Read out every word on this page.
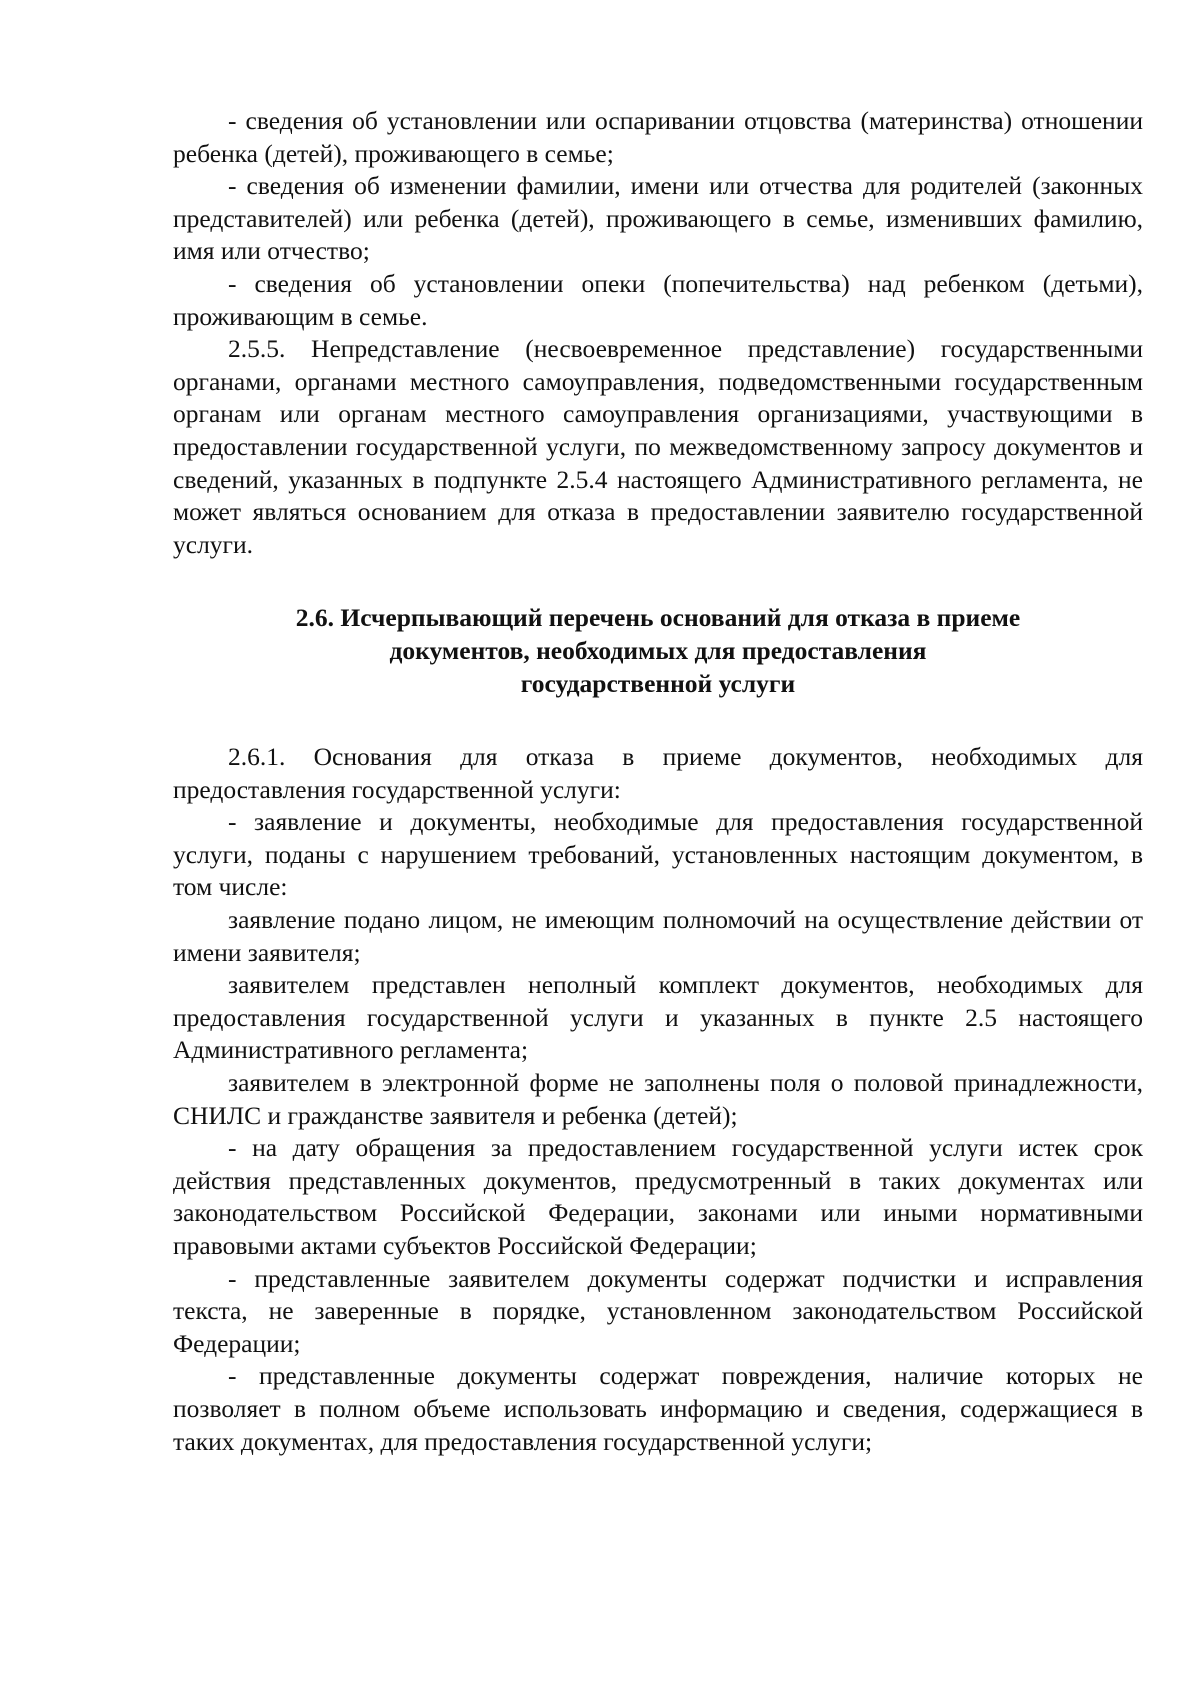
- сведения об установлении или оспаривании отцовства (материнства) отношении ребенка (детей), проживающего в семье;

- сведения об изменении фамилии, имени или отчества для родителей (законных представителей) или ребенка (детей), проживающего в семье, изменивших фамилию, имя или отчество;

- сведения об установлении опеки (попечительства) над ребенком (детьми), проживающим в семье.

2.5.5. Непредставление (несвоевременное представление) государственными органами, органами местного самоуправления, подведомственными государственным органам или органам местного самоуправления организациями, участвующими в предоставлении государственной услуги, по межведомственному запросу документов и сведений, указанных в подпункте 2.5.4 настоящего Административного регламента, не может являться основанием для отказа в предоставлении заявителю государственной услуги.

2.6. Исчерпывающий перечень оснований для отказа в приеме
документов, необходимых для предоставления
государственной услуги

2.6.1. Основания для отказа в приеме документов, необходимых для предоставления государственной услуги:

- заявление и документы, необходимые для предоставления государственной услуги, поданы с нарушением требований, установленных настоящим документом, в том числе:

заявление подано лицом, не имеющим полномочий на осуществление действии от имени заявителя;

заявителем представлен неполный комплект документов, необходимых для предоставления государственной услуги и указанных в пункте 2.5 настоящего Административного регламента;

заявителем в электронной форме не заполнены поля о половой принадлежности, СНИЛС и гражданстве заявителя и ребенка (детей);

- на дату обращения за предоставлением государственной услуги истек срок действия представленных документов, предусмотренный в таких документах или законодательством Российской Федерации, законами или иными нормативными правовыми актами субъектов Российской Федерации;

- представленные заявителем документы содержат подчистки и исправления текста, не заверенные в порядке, установленном законодательством Российской Федерации;

- представленные документы содержат повреждения, наличие которых не позволяет в полном объеме использовать информацию и сведения, содержащиеся в таких документах, для предоставления государственной услуги;
